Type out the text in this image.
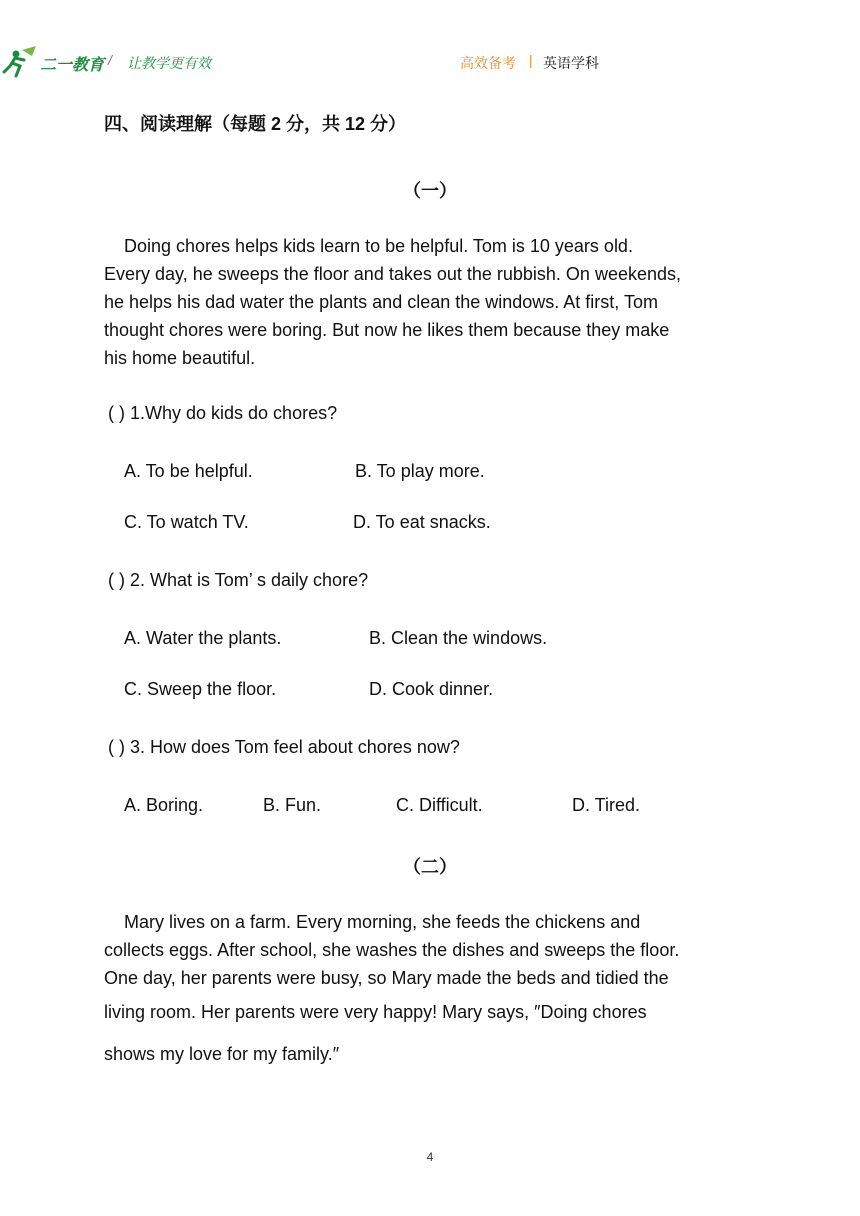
二一教育 / 让教学更有效	高效备考 | 英语学科
四、阅读理解（每题 2 分，共 12 分）
（一）
Doing chores helps kids learn to be helpful. Tom is 10 years old.
Every day, he sweeps the floor and takes out the rubbish. On weekends,
he helps his dad water the plants and clean the windows. At first, Tom
thought chores were boring. But now he likes them because they make
his home beautiful.
( ) 1.Why do kids do chores?
A. To be helpful.	B. To play more.
C. To watch TV.	D. To eat snacks.
( ) 2. What is Tom’ s daily chore?
A. Water the plants.	B. Clean the windows.
C. Sweep the floor.	D. Cook dinner.
( ) 3. How does Tom feel about chores now?
A. Boring.	B. Fun.	C. Difficult.	D. Tired.
（二）
Mary lives on a farm. Every morning, she feeds the chickens and
collects eggs. After school, she washes the dishes and sweeps the floor.
One day, her parents were busy, so Mary made the beds and tidied the
living room. Her parents were very happy! Mary says, ″Doing chores
shows my love for my family.″
4
